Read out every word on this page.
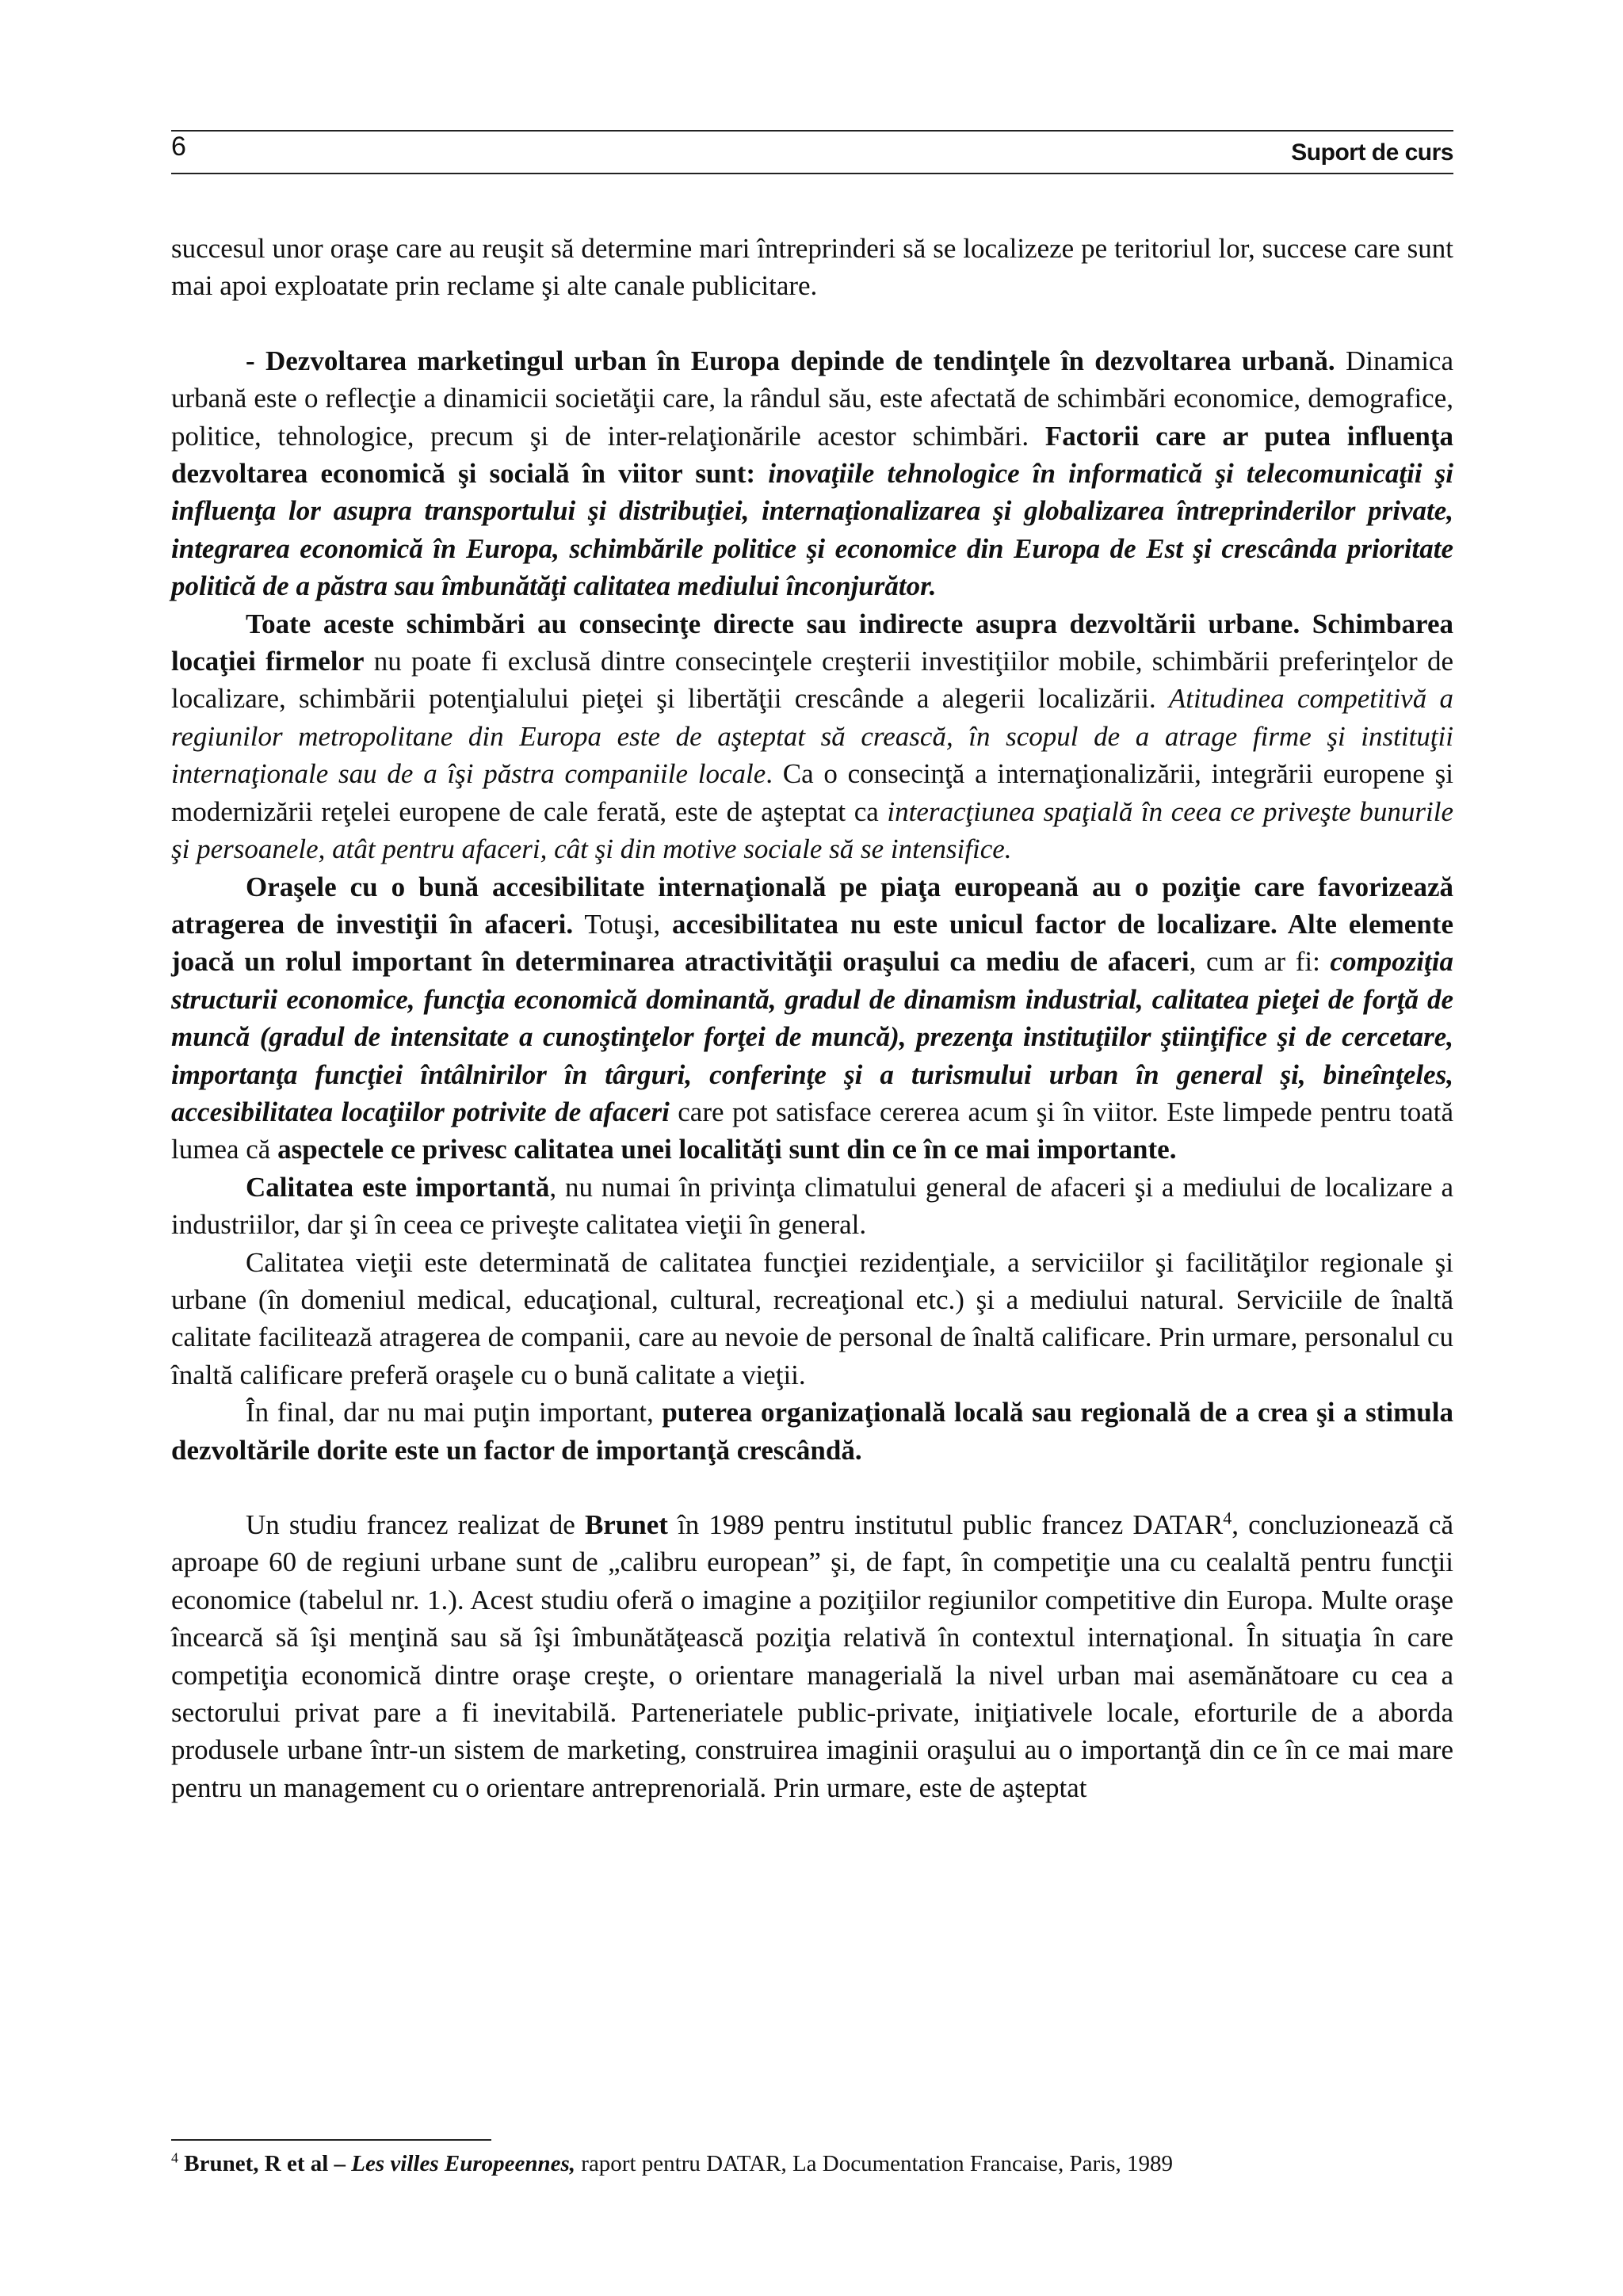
6	Suport de curs

succesul unor oraşe care au reuşit să determine mari întreprinderi să se localizeze pe teritoriul lor, succese care sunt mai apoi exploatate prin reclame şi alte canale publicitare.

- Dezvoltarea marketingul urban în Europa depinde de tendinţele în dezvoltarea urbană. Dinamica urbană este o reflecţie a dinamicii societăţii care, la rândul său, este afectată de schimbări economice, demografice, politice, tehnologice, precum şi de inter-relaţionările acestor schimbări. Factorii care ar putea influenţa dezvoltarea economică şi socială în viitor sunt: inovaţiile tehnologice în informatică şi telecomunicaţii şi influenţa lor asupra transportului şi distribuţiei, internaţionalizarea şi globalizarea întreprinderilor private, integrarea economică în Europa, schimbările politice şi economice din Europa de Est şi crescânda prioritate politică de a păstra sau îmbunătăţi calitatea mediului înconjurător.

Toate aceste schimbări au consecinţe directe sau indirecte asupra dezvoltării urbane. Schimbarea locaţiei firmelor nu poate fi exclusă dintre consecinţele creşterii investiţiilor mobile, schimbării preferinţelor de localizare, schimbării potenţialului pieţei şi libertăţii crescânde a alegerii localizării. Atitudinea competitivă a regiunilor metropolitane din Europa este de aşteptat să crească, în scopul de a atrage firme şi instituţii internaţionale sau de a îşi păstra companiile locale. Ca o consecinţă a internaţionalizării, integrării europene şi modernizării reţelei europene de cale ferată, este de aşteptat ca interacţiunea spaţială în ceea ce priveşte bunurile şi persoanele, atât pentru afaceri, cât şi din motive sociale să se intensifice.

Oraşele cu o bună accesibilitate internaţională pe piaţa europeană au o poziţie care favorizează atragerea de investiţii în afaceri. Totuşi, accesibilitatea nu este unicul factor de localizare. Alte elemente joacă un rolul important în determinarea atractivităţii oraşului ca mediu de afaceri, cum ar fi: compoziţia structurii economice, funcţia economică dominantă, gradul de dinamism industrial, calitatea pieţei de forţă de muncă (gradul de intensitate a cunoştinţelor forţei de muncă), prezenţa instituţiilor ştiinţifice şi de cercetare, importanţa funcţiei întâlnirilor în târguri, conferinţe şi a turismului urban în general şi, bineînţeles, accesibilitatea locaţiilor potrivite de afaceri care pot satisface cererea acum şi în viitor. Este limpede pentru toată lumea că aspectele ce privesc calitatea unei localităţi sunt din ce în ce mai importante.

Calitatea este importantă, nu numai în privinţa climatului general de afaceri şi a mediului de localizare a industriilor, dar şi în ceea ce priveşte calitatea vieţii în general.

Calitatea vieţii este determinată de calitatea funcţiei rezidenţiale, a serviciilor şi facilităţilor regionale şi urbane (în domeniul medical, educaţional, cultural, recreaţional etc.) şi a mediului natural. Serviciile de înaltă calitate facilitează atragerea de companii, care au nevoie de personal de înaltă calificare. Prin urmare, personalul cu înaltă calificare preferă oraşele cu o bună calitate a vieţii.

În final, dar nu mai puţin important, puterea organizaţională locală sau regională de a crea şi a stimula dezvoltările dorite este un factor de importanţă crescândă.

Un studiu francez realizat de Brunet în 1989 pentru institutul public francez DATAR$^4$, concluzionează că aproape 60 de regiuni urbane sunt de „calibru european” şi, de fapt, în competiţie una cu cealaltă pentru funcţii economice (tabelul nr. 1.). Acest studiu oferă o imagine a poziţiilor regiunilor competitive din Europa. Multe oraşe încearcă să îşi menţină sau să îşi îmbunătăţească poziţia relativă în contextul internaţional. În situaţia în care competiţia economică dintre oraşe creşte, o orientare managerială la nivel urban mai asemănătoare cu cea a sectorului privat pare a fi inevitabilă. Parteneriatele public-private, iniţiativele locale, eforturile de a aborda produsele urbane într-un sistem de marketing, construirea imaginii oraşului au o importanţă din ce în ce mai mare pentru un management cu o orientare antreprenorială. Prin urmare, este de aşteptat

$^4$ Brunet, R et al – Les villes Europeennes, raport pentru DATAR, La Documentation Francaise, Paris, 1989
